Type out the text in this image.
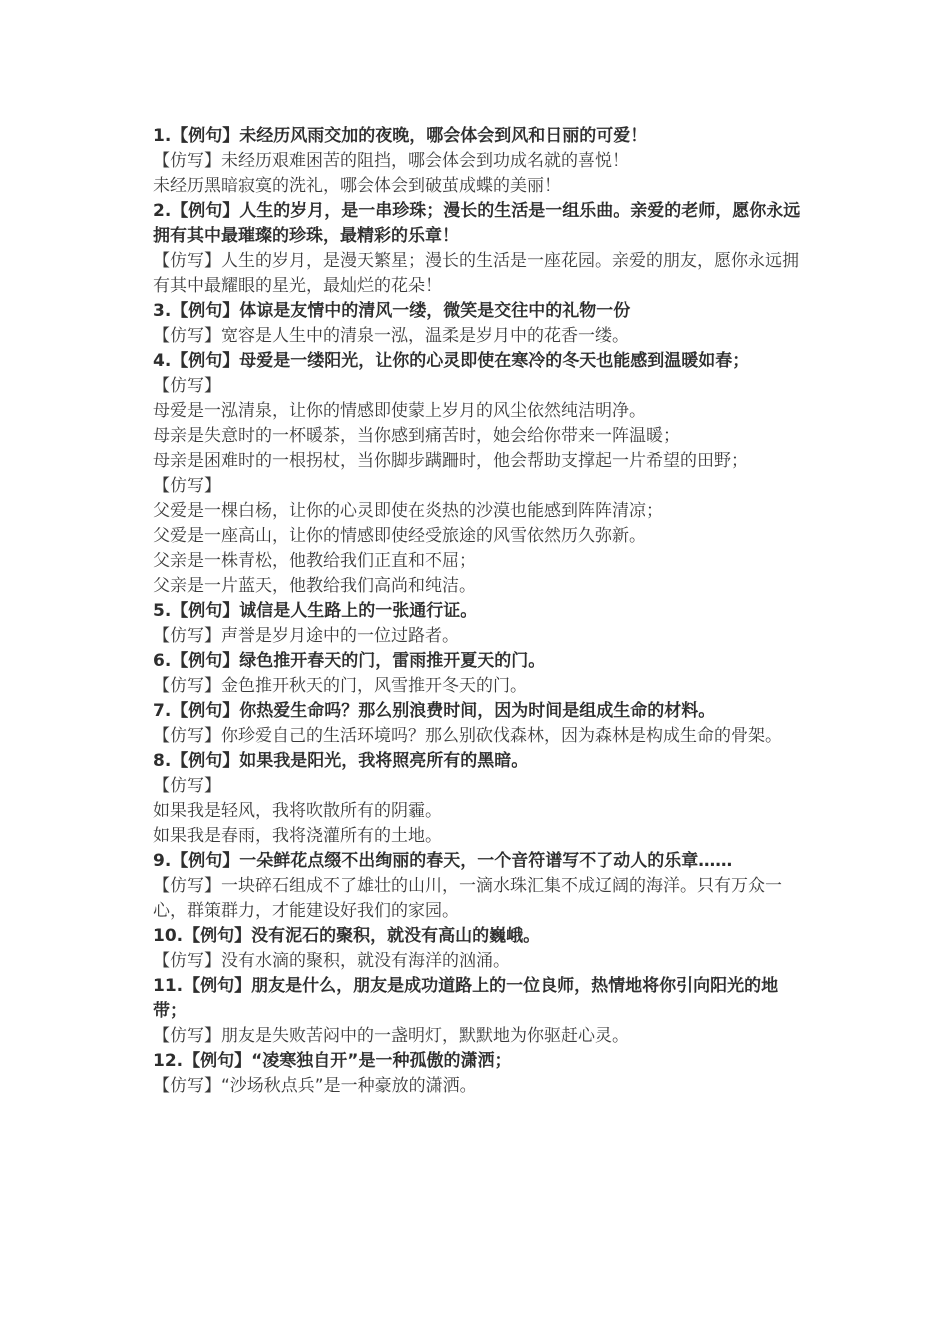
1.【例句】未经历风雨交加的夜晚，哪会体会到风和日丽的可爱！
【仿写】未经历艰难困苦的阻挡，哪会体会到功成名就的喜悦！
未经历黑暗寂寞的洗礼，哪会体会到破茧成蝶的美丽！
2.【例句】人生的岁月，是一串珍珠；漫长的生活是一组乐曲。亲爱的老师，愿你永远拥有其中最璀璨的珍珠，最精彩的乐章！
【仿写】人生的岁月，是漫天繁星；漫长的生活是一座花园。亲爱的朋友，愿你永远拥有其中最耀眼的星光，最灿烂的花朵！
3.【例句】体谅是友情中的清风一缕，微笑是交往中的礼物一份
【仿写】宽容是人生中的清泉一泓，温柔是岁月中的花香一缕。
4.【例句】母爱是一缕阳光，让你的心灵即使在寒冷的冬天也能感到温暖如春；
【仿写】
母爱是一泓清泉，让你的情感即使蒙上岁月的风尘依然纯洁明净。
母亲是失意时的一杯暖茶，当你感到痛苦时，她会给你带来一阵温暖；
母亲是困难时的一根拐杖，当你脚步蹒跚时，他会帮助支撑起一片希望的田野；
【仿写】
父爱是一棵白杨，让你的心灵即使在炎热的沙漠也能感到阵阵清凉；
父爱是一座高山，让你的情感即使经受旅途的风雪依然历久弥新。
父亲是一株青松，他教给我们正直和不屈；
父亲是一片蓝天，他教给我们高尚和纯洁。
5.【例句】诚信是人生路上的一张通行证。
【仿写】声誉是岁月途中的一位过路者。
6.【例句】绿色推开春天的门，雷雨推开夏天的门。
【仿写】金色推开秋天的门，风雪推开冬天的门。
7.【例句】你热爱生命吗？那么别浪费时间，因为时间是组成生命的材料。
【仿写】你珍爱自己的生活环境吗？那么别砍伐森林，因为森林是构成生命的骨架。
8.【例句】如果我是阳光，我将照亮所有的黑暗。
【仿写】
如果我是轻风，我将吹散所有的阴霾。
如果我是春雨，我将浇灌所有的土地。
9.【例句】一朵鲜花点缀不出绚丽的春天，一个音符谱写不了动人的乐章……
【仿写】一块碎石组成不了雄壮的山川，一滴水珠汇集不成辽阔的海洋。只有万众一心，群策群力，才能建设好我们的家园。
10.【例句】没有泥石的聚积，就没有高山的巍峨。
【仿写】没有水滴的聚积，就没有海洋的汹涌。
11.【例句】朋友是什么，朋友是成功道路上的一位良师，热情地将你引向阳光的地带；
【仿写】朋友是失败苦闷中的一盏明灯，默默地为你驱赶心灵。
12.【例句】“凌寒独自开”是一种孤傲的潇洒；
【仿写】“沙场秋点兵”是一种豪放的潇洒。
